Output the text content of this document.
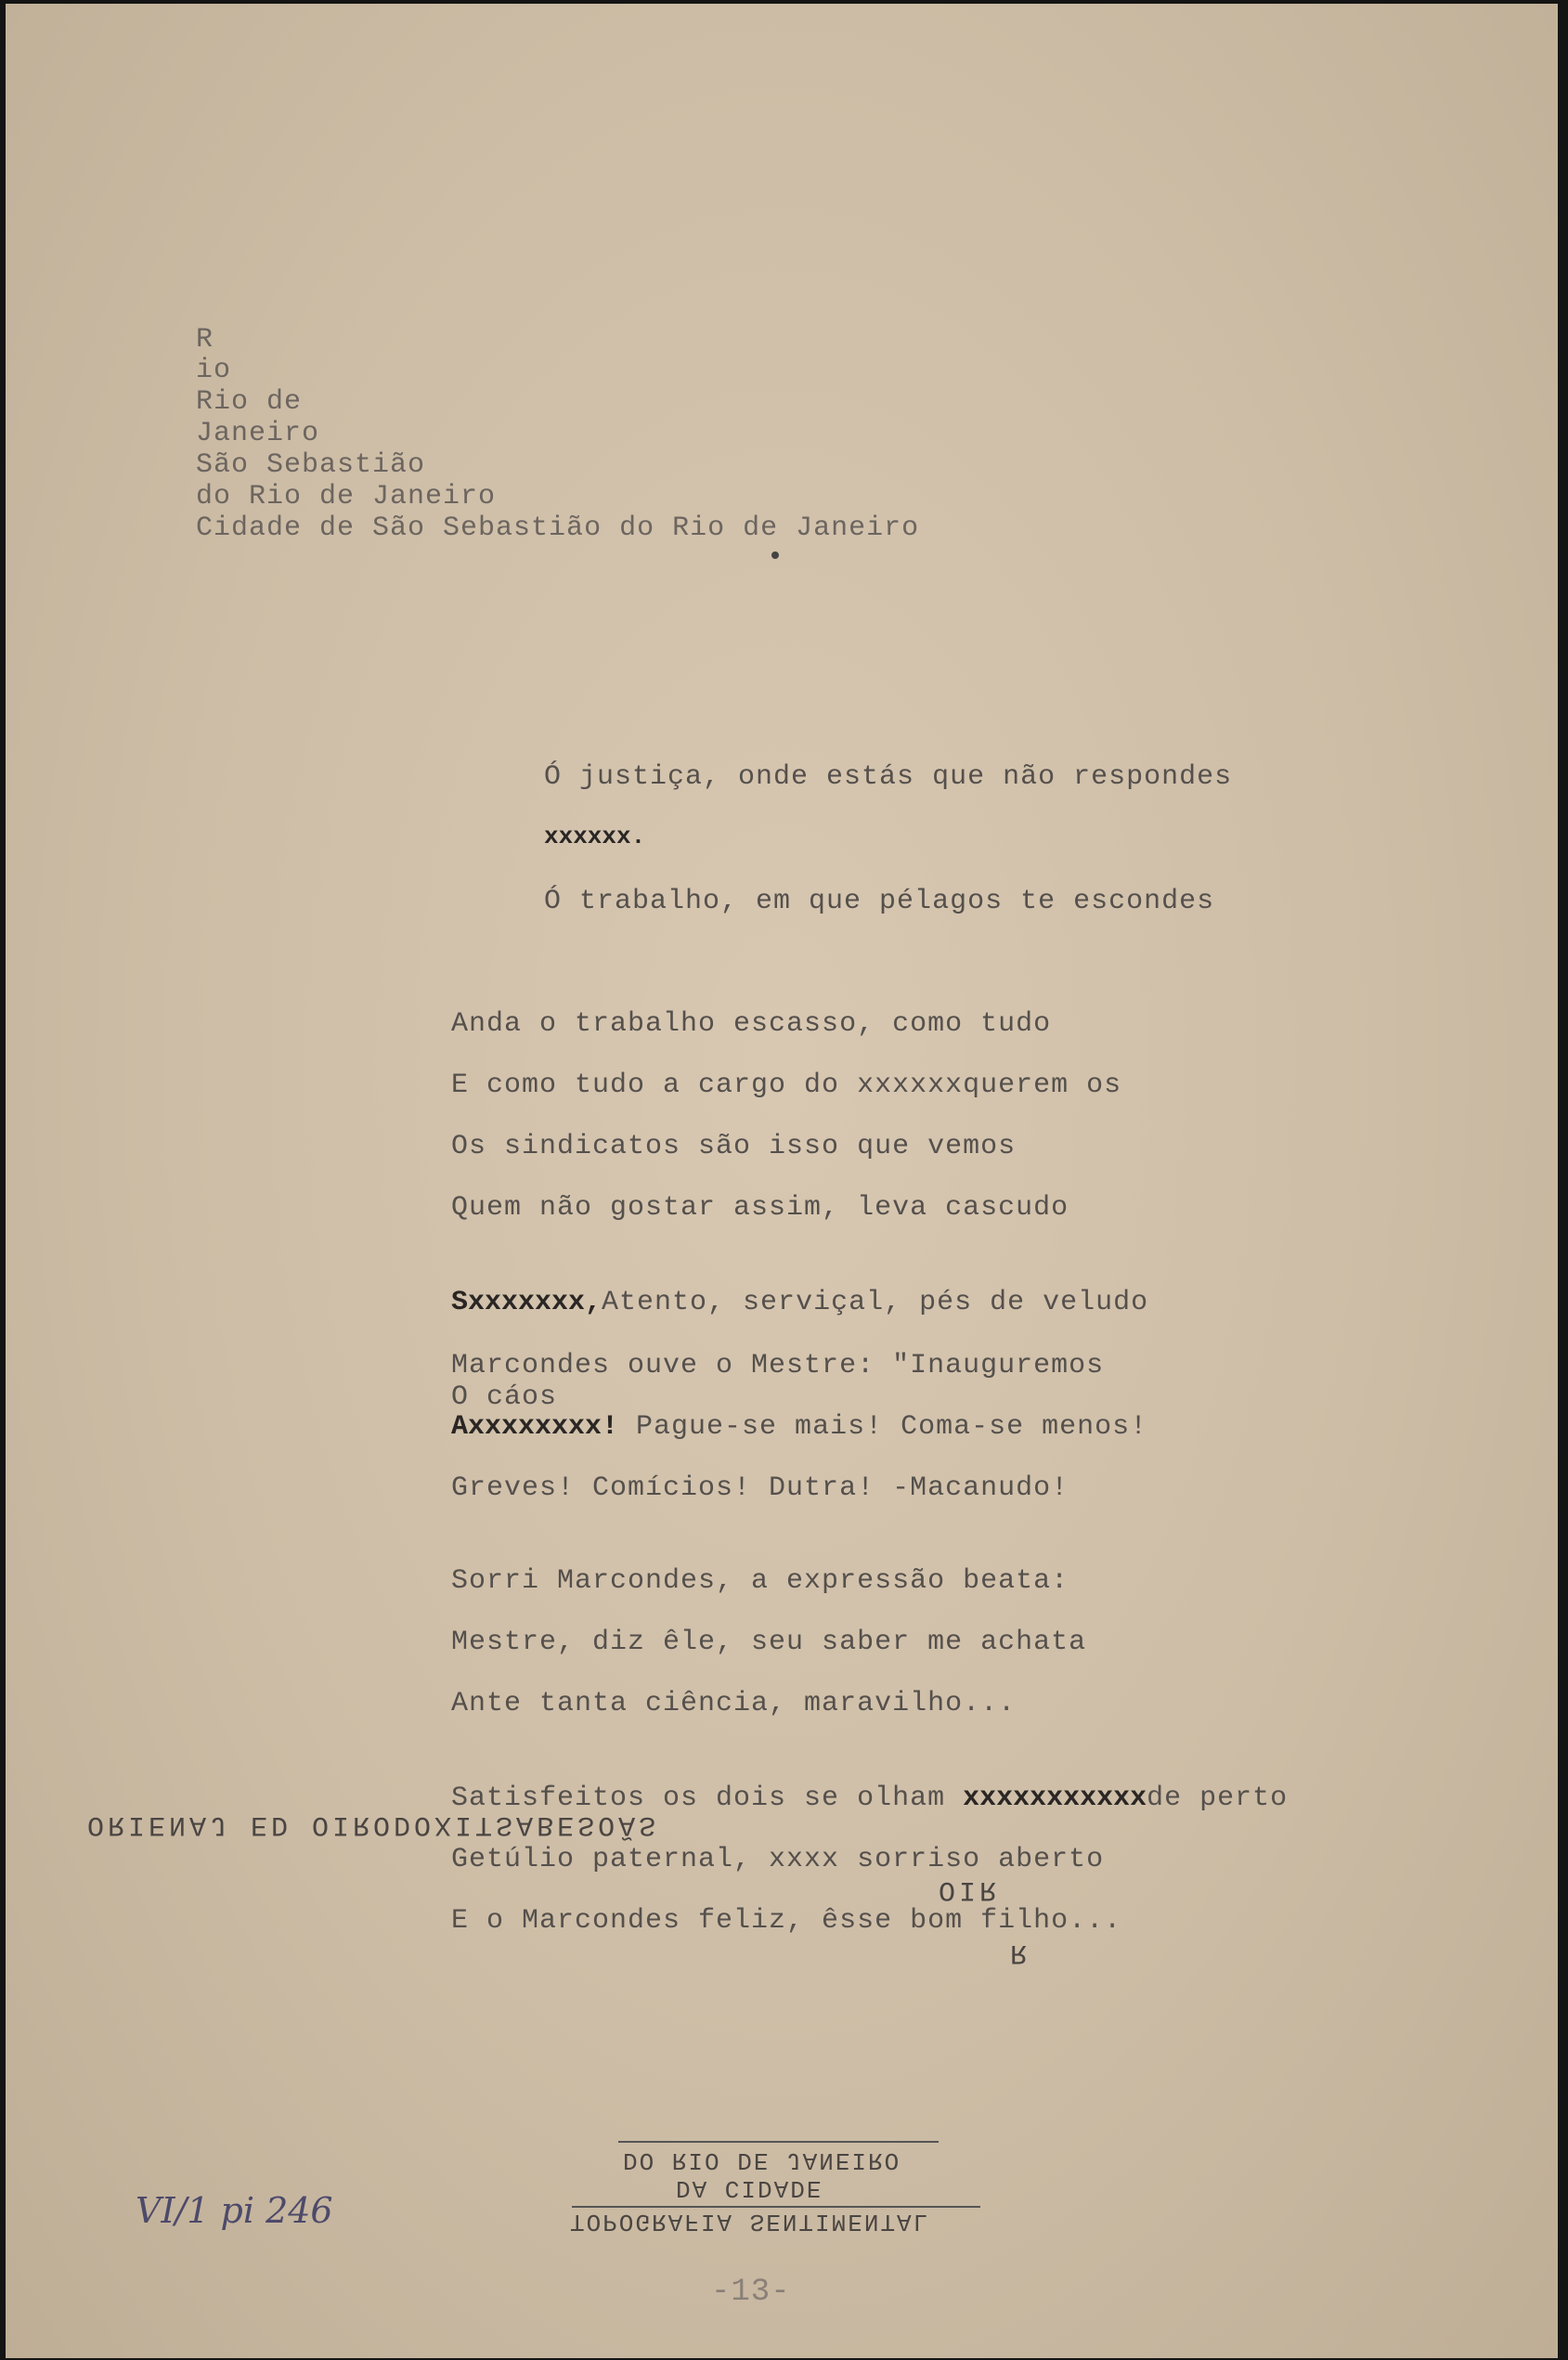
R
io
Rio de
Janeiro
São Sebastião
do Rio de Janeiro
Cidade de São Sebastião do Rio de Janeiro
Ó justiça, onde estás que não respondes
xxxxxx.
Ó trabalho, em que pélagos te escondes
Anda o trabalho escasso, como tudo
E como tudo a cargo do xxxxxxquerem os
Os sindicatos são isso que vemos
Quem não gostar assim, leva cascudo
Sxxxxxxx,Atento, serviçal, pés de veludo
Marcondes ouve o Mestre: "Inauguremos
O cáos
Axxxxxxxx! Pague-se mais! Coma-se menos!
Greves! Comícios! Dutra! -Macanudo!
Sorri Marcondes, a expressão beata:
Mestre, diz êle, seu saber me achata
Ante tanta ciência, maravilho...
Satisfeitos os dois se olham xxxxxxxxxxxde perto
Getúlio paternal, xxxx sorriso aberto
E o Marcondes feliz, êsse bom filho...
ORIENAJ ED OIRODOXITSABESOÃS
OIR
R
DO RIO DE JANEIRO
DA CIDADE
TOPOGRAFIA SENTIMENTAL
-13-
VI/1 pi 246
